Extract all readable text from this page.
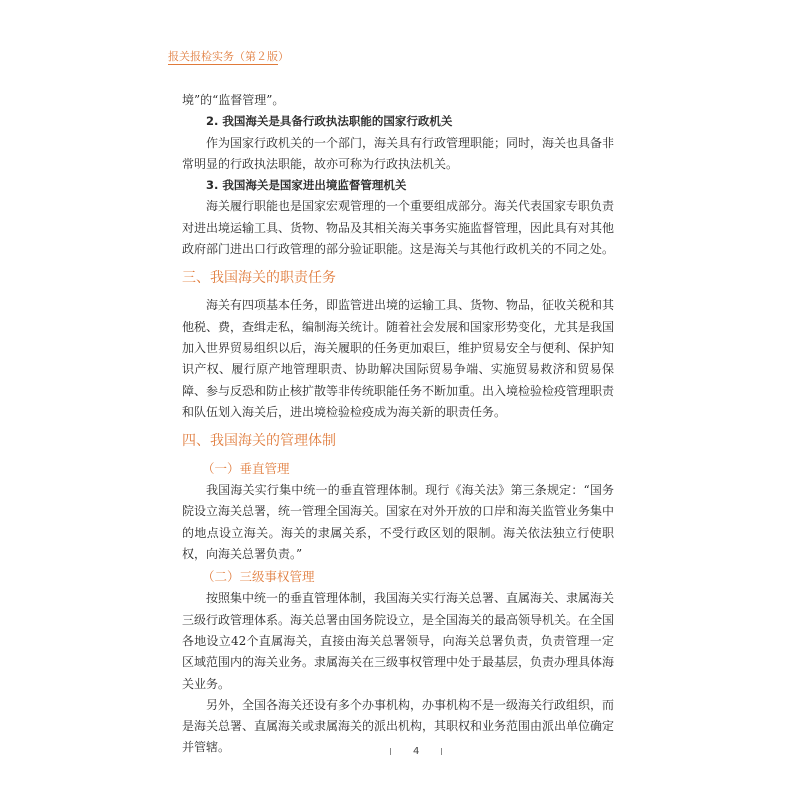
报关报检实务（第２版）

境”的“监督管理”。

2. 我国海关是具备行政执法职能的国家行政机关

作为国家行政机关的一个部门，海关具有行政管理职能；同时，海关也具备非常明显的行政执法职能，故亦可称为行政执法机关。

3. 我国海关是国家进出境监督管理机关

海关履行职能也是国家宏观管理的一个重要组成部分。海关代表国家专职负责对进出境运输工具、货物、物品及其相关海关事务实施监督管理，因此具有对其他政府部门进出口行政管理的部分验证职能。这是海关与其他行政机关的不同之处。

三、我国海关的职责任务

海关有四项基本任务，即监管进出境的运输工具、货物、物品，征收关税和其他税、费，查缉走私，编制海关统计。随着社会发展和国家形势变化，尤其是我国加入世界贸易组织以后，海关履职的任务更加艰巨，维护贸易安全与便利、保护知识产权、履行原产地管理职责、协助解决国际贸易争端、实施贸易救济和贸易保障、参与反恐和防止核扩散等非传统职能任务不断加重。出入境检验检疫管理职责和队伍划入海关后，进出境检验检疫成为海关新的职责任务。

四、我国海关的管理体制

（一）垂直管理

我国海关实行集中统一的垂直管理体制。现行《海关法》第三条规定：“国务院设立海关总署，统一管理全国海关。国家在对外开放的口岸和海关监管业务集中的地点设立海关。海关的隶属关系，不受行政区划的限制。海关依法独立行使职权，向海关总署负责。”

（二）三级事权管理

按照集中统一的垂直管理体制，我国海关实行海关总署、直属海关、隶属海关三级行政管理体系。海关总署由国务院设立，是全国海关的最高领导机关。在全国各地设立42个直属海关，直接由海关总署领导，向海关总署负责，负责管理一定区域范围内的海关业务。隶属海关在三级事权管理中处于最基层，负责办理具体海关业务。

另外，全国各海关还设有多个办事机构，办事机构不是一级海关行政组织，而是海关总署、直属海关或隶属海关的派出机构，其职权和业务范围由派出单位确定并管辖。	4
